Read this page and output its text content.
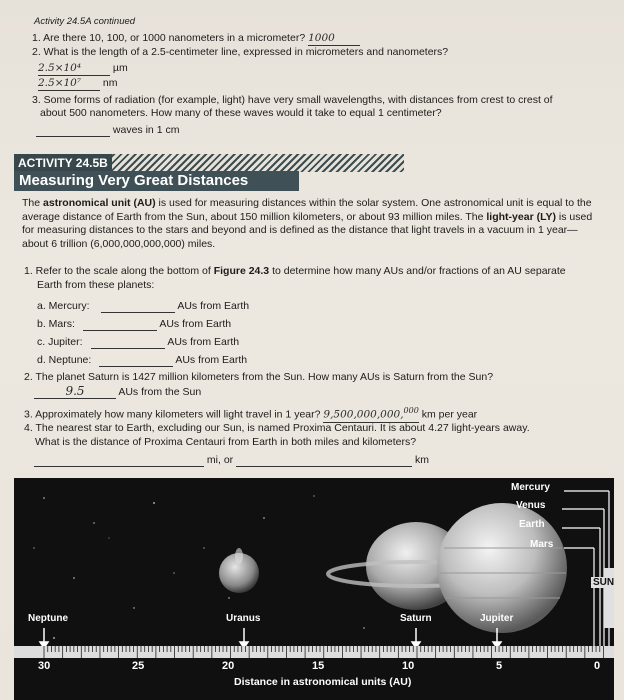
Activity 24.5A continued
1. Are there 10, 100, or 1000 nanometers in a micrometer? 1000
2. What is the length of a 2.5-centimeter line, expressed in micrometers and nanometers?
2.5×10⁴	µm
2.5×10⁷ nm
3. Some forms of radiation (for example, light) have very small wavelengths, with distances from crest to crest of
about 500 nanometers. How many of these waves would it take to equal 1 centimeter?
waves in 1 cm
ACTIVITY 24.5B
Measuring Very Great Distances
The astronomical unit (AU) is used for measuring distances within the solar system. One astronomical unit is equal to the average distance of Earth from the Sun, about 150 million kilometers, or about 93 million miles. The light-year (LY) is used for measuring distances to the stars and beyond and is defined as the distance that light travels in a vacuum in 1 year—about 6 trillion (6,000,000,000,000) miles.
1. Refer to the scale along the bottom of Figure 24.3 to determine how many AUs and/or fractions of an AU separate
Earth from these planets:
a. Mercury:	AUs from Earth
b. Mars:	AUs from Earth
c. Jupiter:	AUs from Earth
d. Neptune:	AUs from Earth
2. The planet Saturn is 1427 million kilometers from the Sun. How many AUs is Saturn from the Sun?
9.5	AUs from the Sun
3. Approximately how many kilometers will light travel in 1 year? 9,500,000,000,$^{000}$ km per year
4. The nearest star to Earth, excluding our Sun, is named Proxima Centauri. It is about 4.27 light-years away.
What is the distance of Proxima Centauri from Earth in both miles and kilometers?
mi, or	km
Mercury
Venus
Earth
Mars
SUN
Neptune	Uranus	Saturn	Jupiter
30	25	20	15	10	5	0
Distance in astronomical units (AU)
